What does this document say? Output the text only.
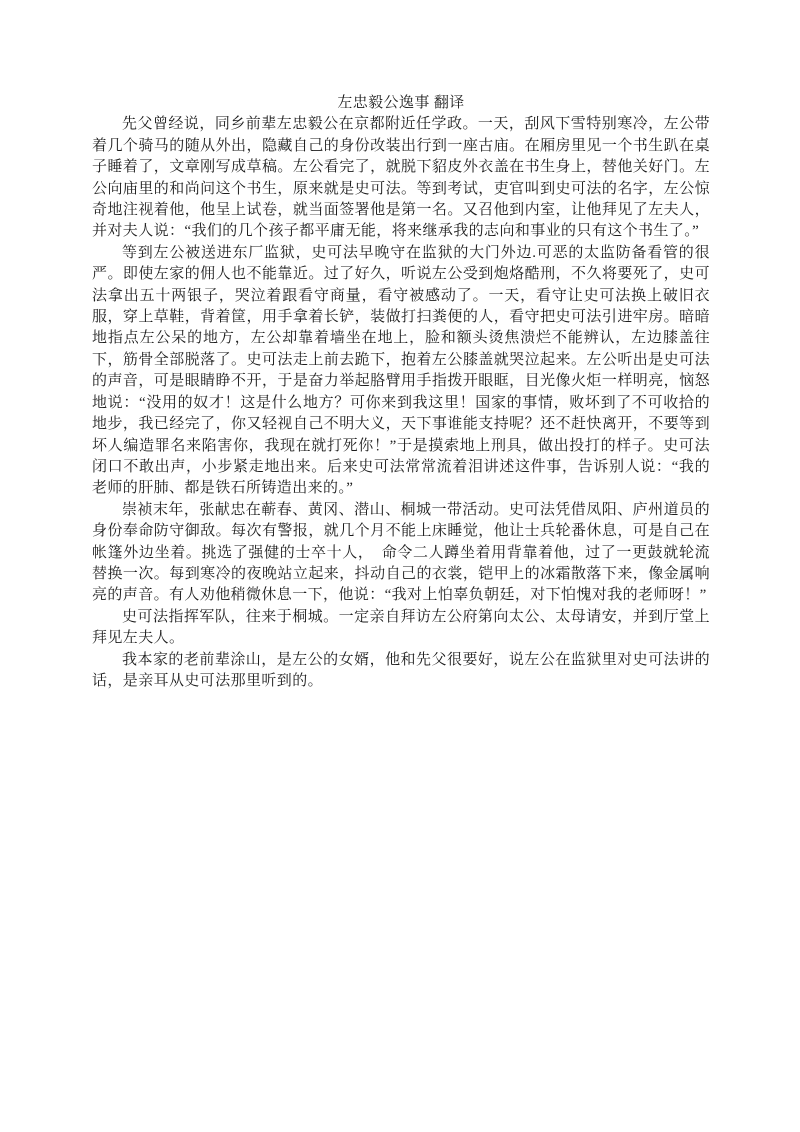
左忠毅公逸事 翻译

先父曾经说，同乡前辈左忠毅公在京都附近任学政。一天，刮风下雪特别寒冷，左公带着几个骑马的随从外出，隐藏自己的身份改装出行到一座古庙。在厢房里见一个书生趴在桌子睡着了，文章刚写成草稿。左公看完了，就脱下貂皮外衣盖在书生身上，替他关好门。左公向庙里的和尚问这个书生，原来就是史可法。等到考试，吏官叫到史可法的名字，左公惊奇地注视着他，他呈上试卷，就当面签署他是第一名。又召他到内室，让他拜见了左夫人，并对夫人说：“我们的几个孩子都平庸无能，将来继承我的志向和事业的只有这个书生了。”

等到左公被送进东厂监狱，史可法早晚守在监狱的大门外边.可恶的太监防备看管的很严。即使左家的佣人也不能靠近。过了好久，听说左公受到炮烙酷刑，不久将要死了，史可法拿出五十两银子，哭泣着跟看守商量，看守被感动了。一天，看守让史可法换上破旧衣服，穿上草鞋，背着筐，用手拿着长铲，装做打扫粪便的人，看守把史可法引进牢房。暗暗地指点左公呆的地方，左公却靠着墙坐在地上，脸和额头烫焦溃烂不能辨认，左边膝盖往下，筋骨全部脱落了。史可法走上前去跪下，抱着左公膝盖就哭泣起来。左公听出是史可法的声音，可是眼睛睁不开，于是奋力举起胳臂用手指拨开眼眶，目光像火炬一样明亮，恼怒地说：“没用的奴才！这是什么地方？可你来到我这里！国家的事情，败坏到了不可收拾的地步，我已经完了，你又轻视自己不明大义，天下事谁能支持呢？还不赶快离开，不要等到坏人编造罪名来陷害你，我现在就打死你！”于是摸索地上刑具，做出投打的样子。史可法闭口不敢出声，小步紧走地出来。后来史可法常常流着泪讲述这件事，告诉别人说：“我的老师的肝肺、都是铁石所铸造出来的。”

崇祯末年，张献忠在蕲春、黄冈、潜山、桐城一带活动。史可法凭借凤阳、庐州道员的身份奉命防守御敌。每次有警报，就几个月不能上床睡觉，他让士兵轮番休息，可是自己在帐篷外边坐着。挑选了强健的士卒十人，　命令二人蹲坐着用背靠着他，过了一更鼓就轮流替换一次。每到寒冷的夜晚站立起来，抖动自己的衣裳，铠甲上的冰霜散落下来，像金属响亮的声音。有人劝他稍微休息一下，他说：“我对上怕辜负朝廷，对下怕愧对我的老师呀！”

史可法指挥军队，往来于桐城。一定亲自拜访左公府第向太公、太母请安，并到厅堂上拜见左夫人。

我本家的老前辈涂山，是左公的女婿，他和先父很要好，说左公在监狱里对史可法讲的话，是亲耳从史可法那里听到的。
